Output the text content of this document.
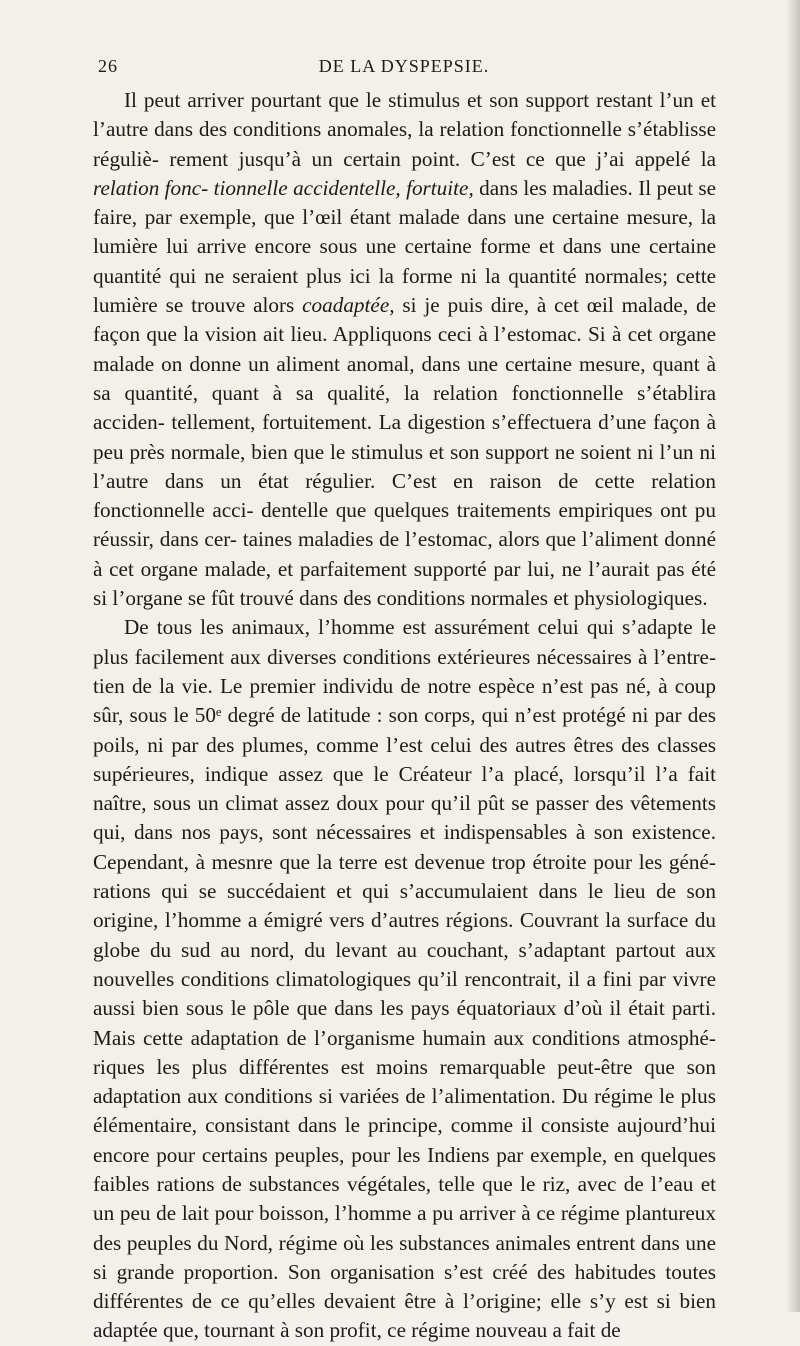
26	DE LA DYSPEPSIE.

Il peut arriver pourtant que le stimulus et son support restant l’un et l’autre dans des conditions anomales, la relation fonctionnelle s’établisse réguliè- rement jusqu’à un certain point. C’est ce que j’ai appelé la relation fonc- tionnelle accidentelle, fortuite, dans les maladies. Il peut se faire, par exemple, que l’œil étant malade dans une certaine mesure, la lumière lui arrive encore sous une certaine forme et dans une certaine quantité qui ne seraient plus ici la forme ni la quantité normales; cette lumière se trouve alors coadaptée, si je puis dire, à cet œil malade, de façon que la vision ait lieu. Appliquons ceci à l’estomac. Si à cet organe malade on donne un aliment anomal, dans une certaine mesure, quant à sa quantité, quant à sa qualité, la relation fonctionnelle s’établira acciden- tellement, fortuitement. La digestion s’effectuera d’une façon à peu près normale, bien que le stimulus et son support ne soient ni l’un ni l’autre dans un état régulier. C’est en raison de cette relation fonctionnelle acci- dentelle que quelques traitements empiriques ont pu réussir, dans cer- taines maladies de l’estomac, alors que l’aliment donné à cet organe malade, et parfaitement supporté par lui, ne l’aurait pas été si l’organe se fût trouvé dans des conditions normales et physiologiques.

De tous les animaux, l’homme est assurément celui qui s’adapte le plus facilement aux diverses conditions extérieures nécessaires à l’entre- tien de la vie. Le premier individu de notre espèce n’est pas né, à coup sûr, sous le 50ᵉ degré de latitude : son corps, qui n’est protégé ni par des poils, ni par des plumes, comme l’est celui des autres êtres des classes supérieures, indique assez que le Créateur l’a placé, lorsqu’il l’a fait naître, sous un climat assez doux pour qu’il pût se passer des vêtements qui, dans nos pays, sont nécessaires et indispensables à son existence. Cependant, à mesnre que la terre est devenue trop étroite pour les géné- rations qui se succédaient et qui s’accumulaient dans le lieu de son origine, l’homme a émigré vers d’autres régions. Couvrant la surface du globe du sud au nord, du levant au couchant, s’adaptant partout aux nouvelles conditions climatologiques qu’il rencontrait, il a fini par vivre aussi bien sous le pôle que dans les pays équatoriaux d’où il était parti. Mais cette adaptation de l’organisme humain aux conditions atmosphé- riques les plus différentes est moins remarquable peut-être que son adaptation aux conditions si variées de l’alimentation. Du régime le plus élémentaire, consistant dans le principe, comme il consiste aujourd’hui encore pour certains peuples, pour les Indiens par exemple, en quelques faibles rations de substances végétales, telle que le riz, avec de l’eau et un peu de lait pour boisson, l’homme a pu arriver à ce régime plantureux des peuples du Nord, régime où les substances animales entrent dans une si grande proportion. Son organisation s’est créé des habitudes toutes différentes de ce qu’elles devaient être à l’origine; elle s’y est si bien adaptée que, tournant à son profit, ce régime nouveau a fait de
